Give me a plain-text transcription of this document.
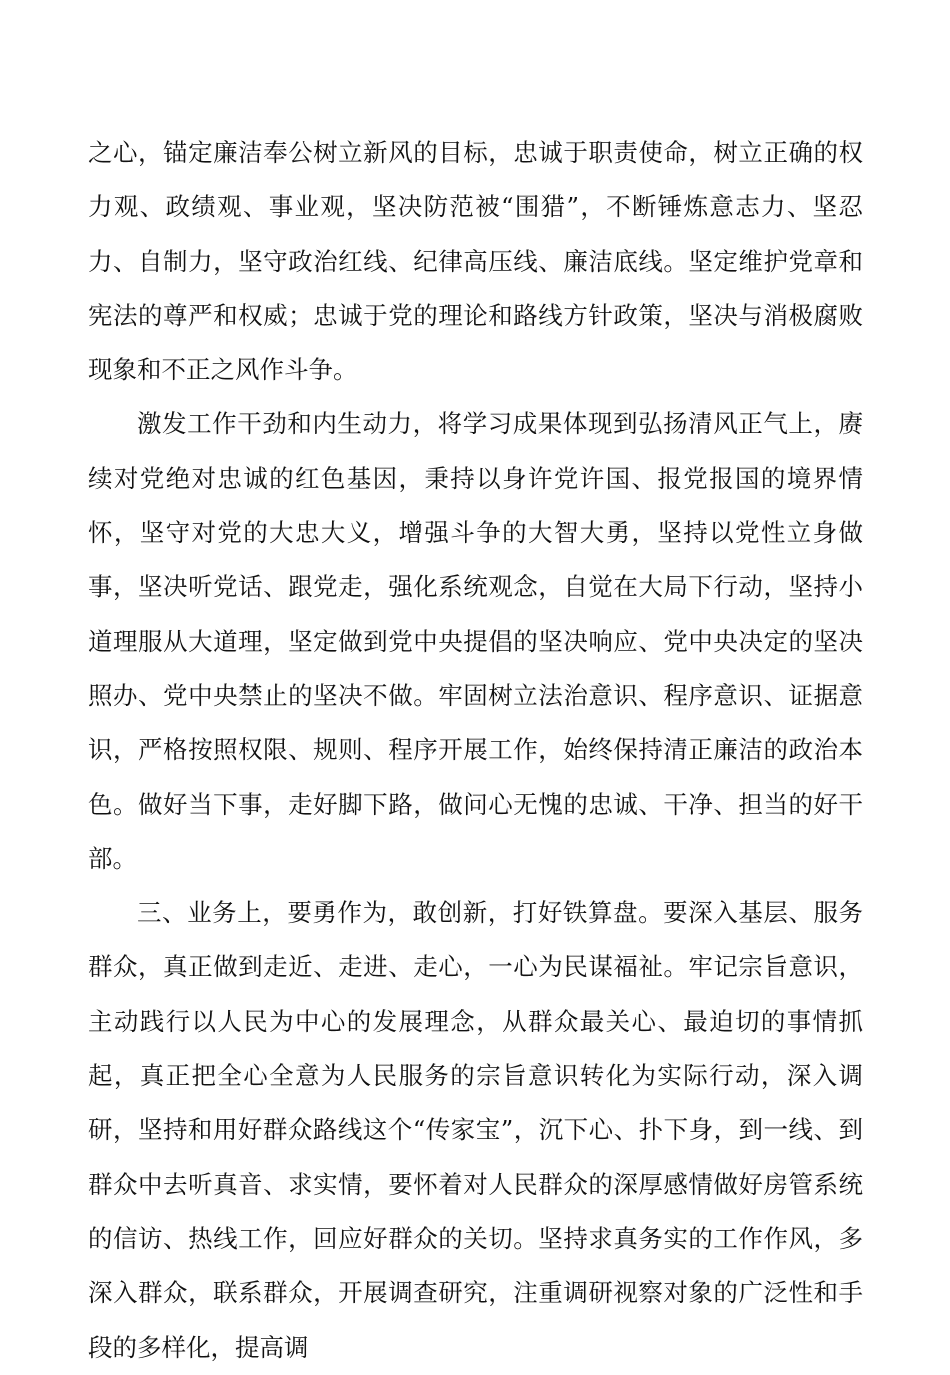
之心，锚定廉洁奉公树立新风的目标，忠诚于职责使命，树立正确的权力观、政绩观、事业观，坚决防范被“围猎”，不断锤炼意志力、坚忍力、自制力，坚守政治红线、纪律高压线、廉洁底线。坚定维护党章和宪法的尊严和权威；忠诚于党的理论和路线方针政策，坚决与消极腐败现象和不正之风作斗争。

激发工作干劲和内生动力，将学习成果体现到弘扬清风正气上，赓续对党绝对忠诚的红色基因，秉持以身许党许国、报党报国的境界情怀，坚守对党的大忠大义，增强斗争的大智大勇，坚持以党性立身做事，坚决听党话、跟党走，强化系统观念，自觉在大局下行动，坚持小道理服从大道理，坚定做到党中央提倡的坚决响应、党中央决定的坚决照办、党中央禁止的坚决不做。牢固树立法治意识、程序意识、证据意识，严格按照权限、规则、程序开展工作，始终保持清正廉洁的政治本色。做好当下事，走好脚下路，做问心无愧的忠诚、干净、担当的好干部。

三、业务上，要勇作为，敢创新，打好铁算盘。要深入基层、服务群众，真正做到走近、走进、走心，一心为民谋福祉。牢记宗旨意识，主动践行以人民为中心的发展理念，从群众最关心、最迫切的事情抓起，真正把全心全意为人民服务的宗旨意识转化为实际行动，深入调研，坚持和用好群众路线这个“传家宝”，沉下心、扑下身，到一线、到群众中去听真音、求实情，要怀着对人民群众的深厚感情做好房管系统的信访、热线工作，回应好群众的关切。坚持求真务实的工作作风，多深入群众，联系群众，开展调查研究，注重调研视察对象的广泛性和手段的多样化，提高调
